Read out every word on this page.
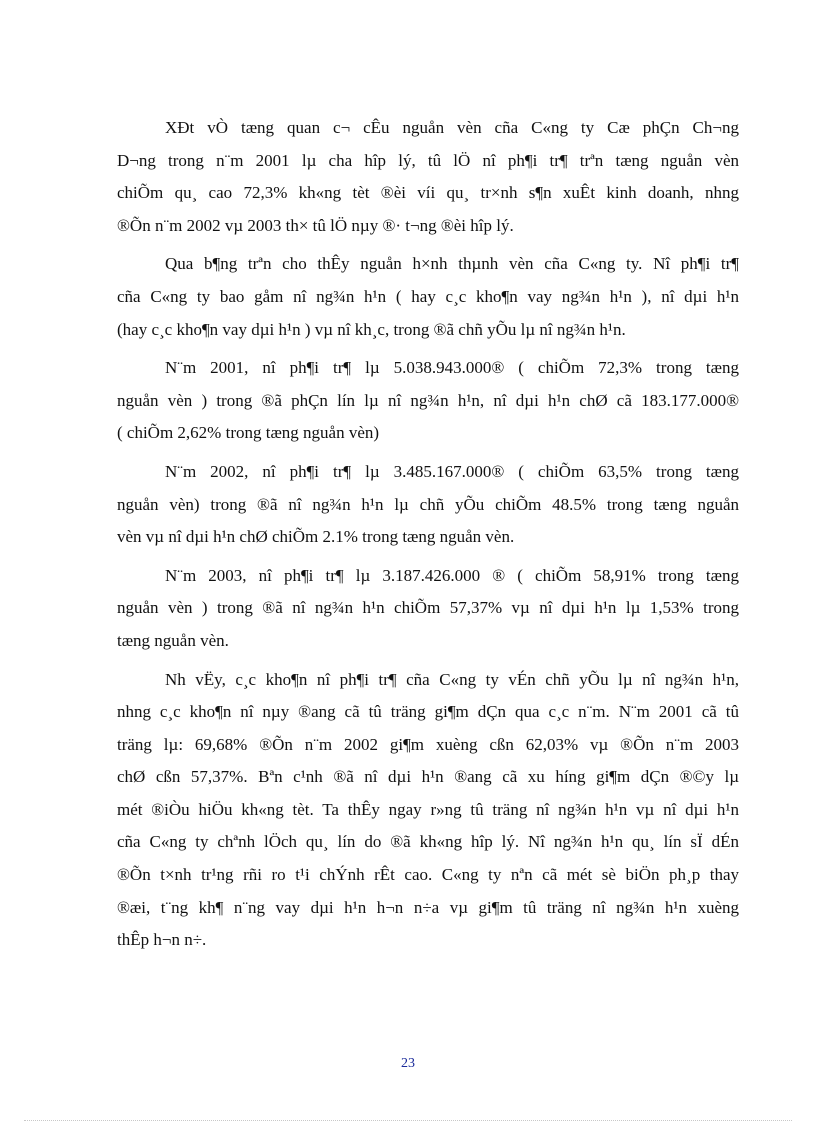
XÐt vÒ tæng quan c¬ cÊu nguån vèn cña C«ng ty Cæ phÇn Ch¬ng
D¬ng trong n¨m 2001 lµ cha hîp lý, tû lÖ nî ph¶i tr¶ trªn tæng nguån vèn
chiÕm qu¸ cao 72,3% kh«ng tèt ®èi víi qu¸ tr×nh s¶n xuÊt kinh doanh, nhng
®Õn n¨m 2002 vµ 2003 th× tû lÖ nµy ®· t¬ng ®èi hîp lý.
Qua b¶ng trªn cho thÊy nguån h×nh thµnh vèn cña C«ng ty. Nî ph¶i tr¶
cña C«ng ty bao gåm nî ng¾n h¹n ( hay c¸c kho¶n vay ng¾n h¹n ), nî dµi h¹n
(hay c¸c kho¶n vay dµi h¹n ) vµ nî kh¸c, trong ®ã chñ yÕu lµ nî ng¾n h¹n.
N¨m 2001, nî ph¶i tr¶ lµ 5.038.943.000® ( chiÕm 72,3% trong tæng
nguån vèn ) trong ®ã phÇn lín lµ nî ng¾n h¹n, nî dµi h¹n chØ cã 183.177.000®
( chiÕm 2,62% trong tæng nguån vèn)
N¨m 2002, nî ph¶i tr¶ lµ 3.485.167.000® ( chiÕm 63,5% trong tæng
nguån vèn) trong ®ã nî ng¾n h¹n lµ chñ yÕu chiÕm 48.5% trong tæng nguån
vèn vµ nî dµi h¹n chØ chiÕm 2.1% trong tæng nguån vèn.
N¨m 2003, nî ph¶i tr¶ lµ 3.187.426.000 ® ( chiÕm 58,91% trong tæng
nguån vèn ) trong ®ã nî ng¾n h¹n chiÕm 57,37% vµ nî dµi h¹n lµ 1,53% trong
tæng nguån vèn.
Nh vËy, c¸c kho¶n nî ph¶i tr¶ cña C«ng ty vÉn chñ yÕu lµ nî ng¾n h¹n,
nhng c¸c kho¶n nî nµy ®ang cã tû träng gi¶m dÇn qua c¸c n¨m. N¨m 2001 cã tû
träng lµ: 69,68% ®Õn n¨m 2002 gi¶m xuèng cßn 62,03% vµ ®Õn n¨m 2003
chØ cßn 57,37%. Bªn c¹nh ®ã nî dµi h¹n ®ang cã xu híng gi¶m dÇn ®©y lµ
mét ®iÒu hiÖu kh«ng tèt. Ta thÊy ngay r»ng tû träng nî ng¾n h¹n vµ nî dµi h¹n
cña C«ng ty chªnh lÖch qu¸ lín do ®ã kh«ng hîp lý. Nî ng¾n h¹n qu¸ lín sÏ dÉn
®Õn t×nh tr¹ng rñi ro t¹i chÝnh rÊt cao. C«ng ty nªn cã mét sè biÖn ph¸p thay
®æi, t¨ng kh¶ n¨ng vay dµi h¹n h¬n n÷a vµ gi¶m tû träng nî ng¾n h¹n xuèng
thÊp h¬n n÷.
23
